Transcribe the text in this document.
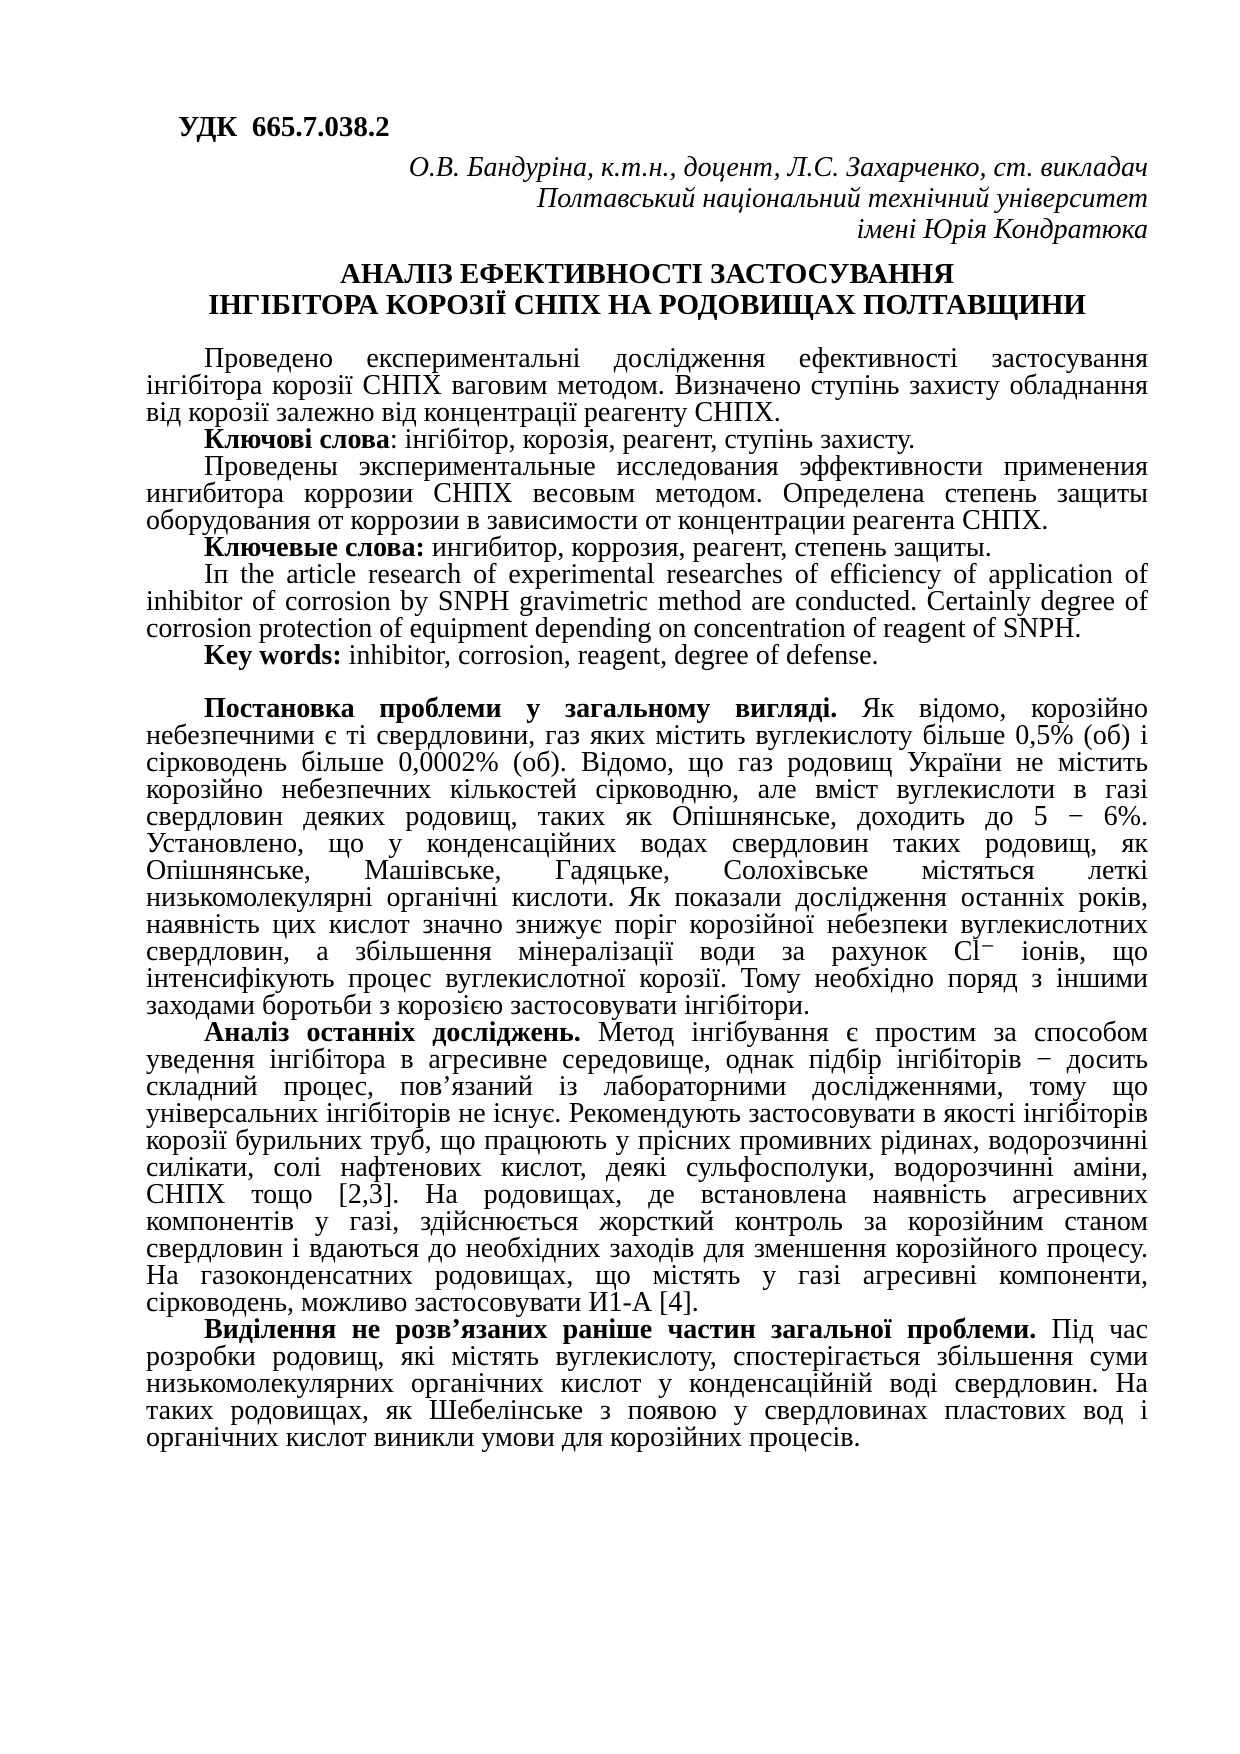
УДК  665.7.038.2

О.В. Бандуріна, к.т.н., доцент, Л.С. Захарченко, ст. викладач

Полтавський національний технічний університет

імені Юрія Кондратюка

АНАЛІЗ ЕФЕКТИВНОСТІ ЗАСТОСУВАННЯ
ІНГІБІТОРА КОРОЗІЇ СНПХ НА РОДОВИЩАХ ПОЛТАВЩИНИ

Проведено експериментальні дослідження ефективності застосування інгібітора корозії СНПХ ваговим методом. Визначено ступінь захисту обладнання від корозії залежно від концентрації реагенту СНПХ.

Ключові слова: інгібітор, корозія, реагент, ступінь захисту.

Проведены экспериментальные исследования эффективности применения ингибитора коррозии СНПХ весовым методом. Определена степень защиты оборудования от коррозии в зависимости от концентрации реагента СНПХ.

Ключевые слова: ингибитор, коррозия, реагент, степень защиты.

Iп the article research of experimental researches of efficiency of application of inhibitor of corrosion by SNPH gravimetric method are conducted. Certainly degree of corrosion protection of equipment depending on concentration of reagent of SNPH.

Key words: inhibitor, corrosion, reagent, degree of defense.

Постановка проблеми у загальному вигляді. Як відомо, корозійно небезпечними є ті свердловини, газ яких містить вуглекислоту більше 0,5% (об) і сірководень більше 0,0002% (об). Відомо, що газ родовищ України не містить корозійно небезпечних кількостей сірководню, але вміст вуглекислоти в газі свердловин деяких родовищ, таких як Опішнянське, доходить до 5 − 6%. Установлено, що у конденсаційних водах свердловин таких родовищ, як Опішнянське, Машівське, Гадяцьке, Солохівське містяться леткі низькомолекулярні органічні кислоти. Як показали дослідження останніх років, наявність цих кислот значно знижує поріг корозійної небезпеки вуглекислотних свердловин, а збільшення мінералізації води за рахунок Cl⁻ іонів, що інтенсифікують процес вуглекислотної корозії. Тому необхідно поряд з іншими заходами боротьби з корозією застосовувати інгібітори.

Аналіз останніх досліджень. Метод інгібування є простим за способом уведення інгібітора в агресивне середовище, однак підбір інгібіторів − досить складний процес, пов’язаний із лабораторними дослідженнями, тому що універсальних інгібіторів не існує. Рекомендують застосовувати в якості інгібіторів корозії бурильних труб, що працюють у прісних промивних рідинах, водорозчинні силікати, солі нафтенових кислот, деякі сульфосполуки, водорозчинні аміни, СНПХ тощо [2,3]. На родовищах, де встановлена наявність агресивних компонентів у газі, здійснюється жорсткий контроль за корозійним станом свердловин і вдаються до необхідних заходів для зменшення корозійного процесу. На газоконденсатних родовищах, що містять у газі агресивні компоненти, сірководень, можливо застосовувати И1-А [4].

Виділення не розв’язаних раніше частин загальної проблеми. Під час розробки родовищ, які містять вуглекислоту, спостерігається збільшення суми низькомолекулярних органічних кислот у конденсаційній воді свердловин. На таких родовищах, як Шебелінське з появою у свердловинах пластових вод і органічних кислот виникли умови для корозійних процесів.
